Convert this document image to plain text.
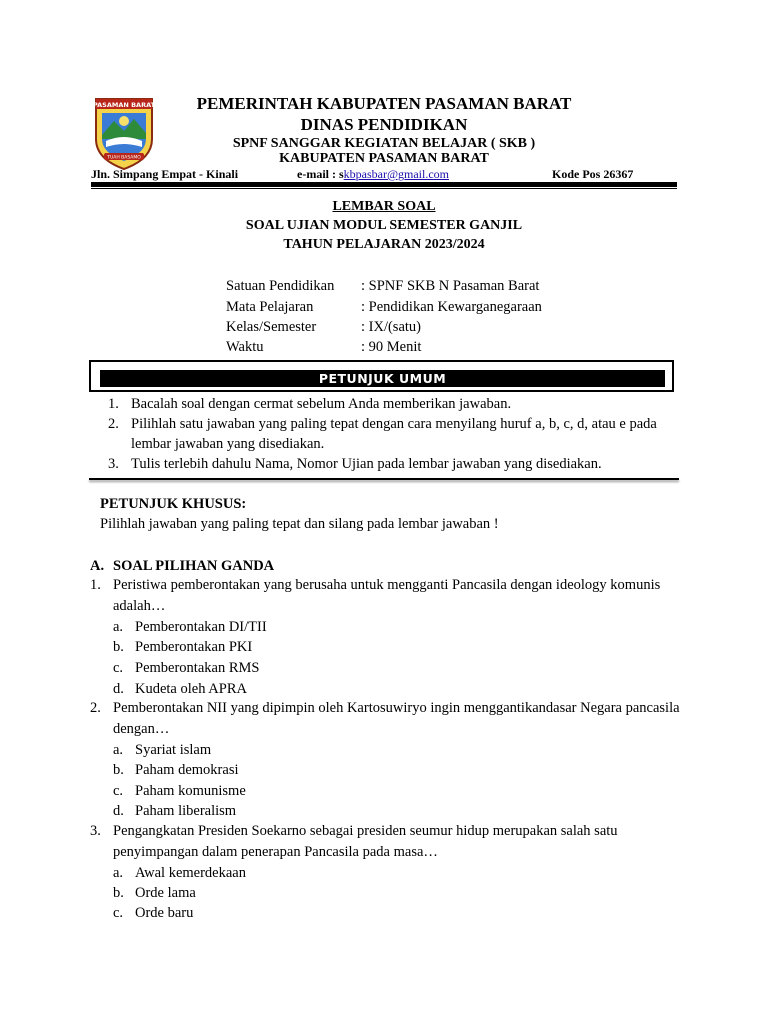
PASAMAN BARAT
TUAH BASAMO
PEMERINTAH KABUPATEN PASAMAN BARAT
DINAS PENDIDIKAN
SPNF SANGGAR KEGIATAN BELAJAR ( SKB )
KABUPATEN PASAMAN BARAT
Jln. Simpang Empat - Kinali	e-mail : skbpasbar@gmail.com	Kode Pos 26367
LEMBAR SOAL
SOAL UJIAN MODUL SEMESTER GANJIL
TAHUN PELAJARAN 2023/2024
Satuan Pendidikan : SPNF SKB N Pasaman Barat
Mata Pelajaran	: Pendidikan Kewarganegaraan
Kelas/Semester	: IX/(satu)
Waktu	: 90 Menit
PETUNJUK UMUM
1. Bacalah soal dengan cermat sebelum Anda memberikan jawaban.
2. Pilihlah satu jawaban yang paling tepat dengan cara menyilang huruf a, b, c, d, atau e pada lembar jawaban yang disediakan.
3. Tulis terlebih dahulu Nama, Nomor Ujian pada lembar jawaban yang disediakan.
PETUNJUK KHUSUS:
Pilihlah jawaban yang paling tepat dan silang pada lembar jawaban !
A. SOAL PILIHAN GANDA
1. Peristiwa pemberontakan yang berusaha untuk mengganti Pancasila dengan ideology komunis adalah…
a. Pemberontakan DI/TII
b. Pemberontakan PKI
c. Pemberontakan RMS
d. Kudeta oleh APRA
2. Pemberontakan NII yang dipimpin oleh Kartosuwiryo ingin menggantikandasar Negara pancasila dengan…
a. Syariat islam
b. Paham demokrasi
c. Paham komunisme
d. Paham liberalism
3. Pengangkatan Presiden Soekarno sebagai presiden seumur hidup merupakan salah satu penyimpangan dalam penerapan Pancasila pada masa…
a. Awal kemerdekaan
b. Orde lama
c. Orde baru
